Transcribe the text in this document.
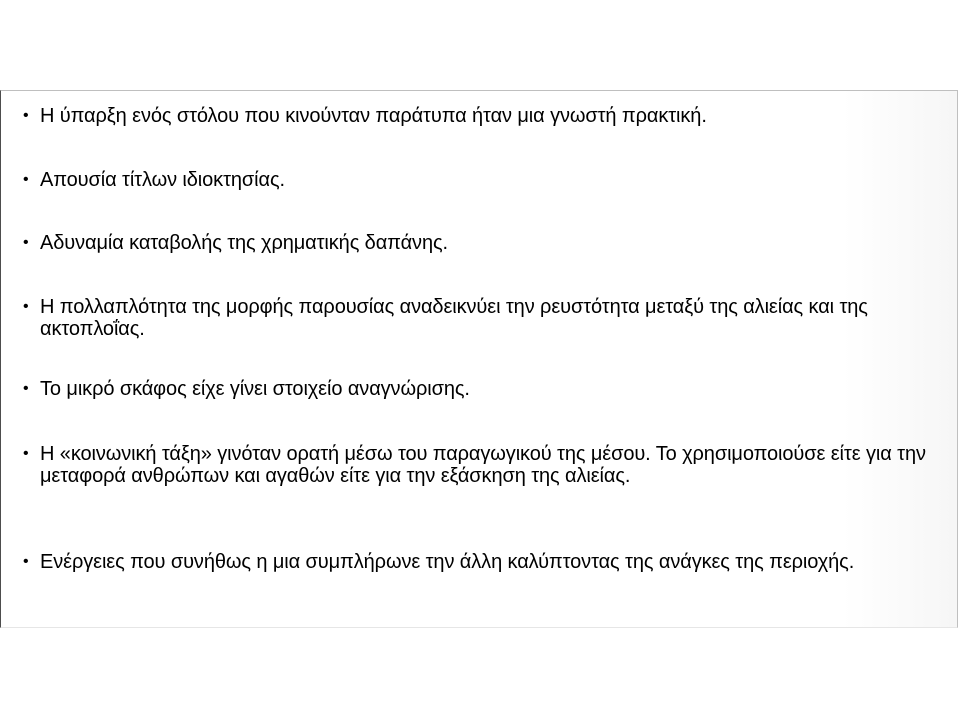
• Η ύπαρξη ενός στόλου που κινούνταν παράτυπα ήταν μια γνωστή πρακτική.
• Απουσία τίτλων ιδιοκτησίας.
• Αδυναμία καταβολής της χρηματικής δαπάνης.
• Η πολλαπλότητα της μορφής παρουσίας αναδεικνύει την ρευστότητα μεταξύ της αλιείας και της ακτοπλοΐας.
• Το μικρό σκάφος είχε γίνει στοιχείο αναγνώρισης.
• Η «κοινωνική τάξη» γινόταν ορατή μέσω του παραγωγικού της μέσου. Το χρησιμοποιούσε είτε για την μεταφορά ανθρώπων και αγαθών είτε για την εξάσκηση της αλιείας.
• Ενέργειες που συνήθως η μια συμπλήρωνε την άλλη καλύπτοντας της ανάγκες της περιοχής.
